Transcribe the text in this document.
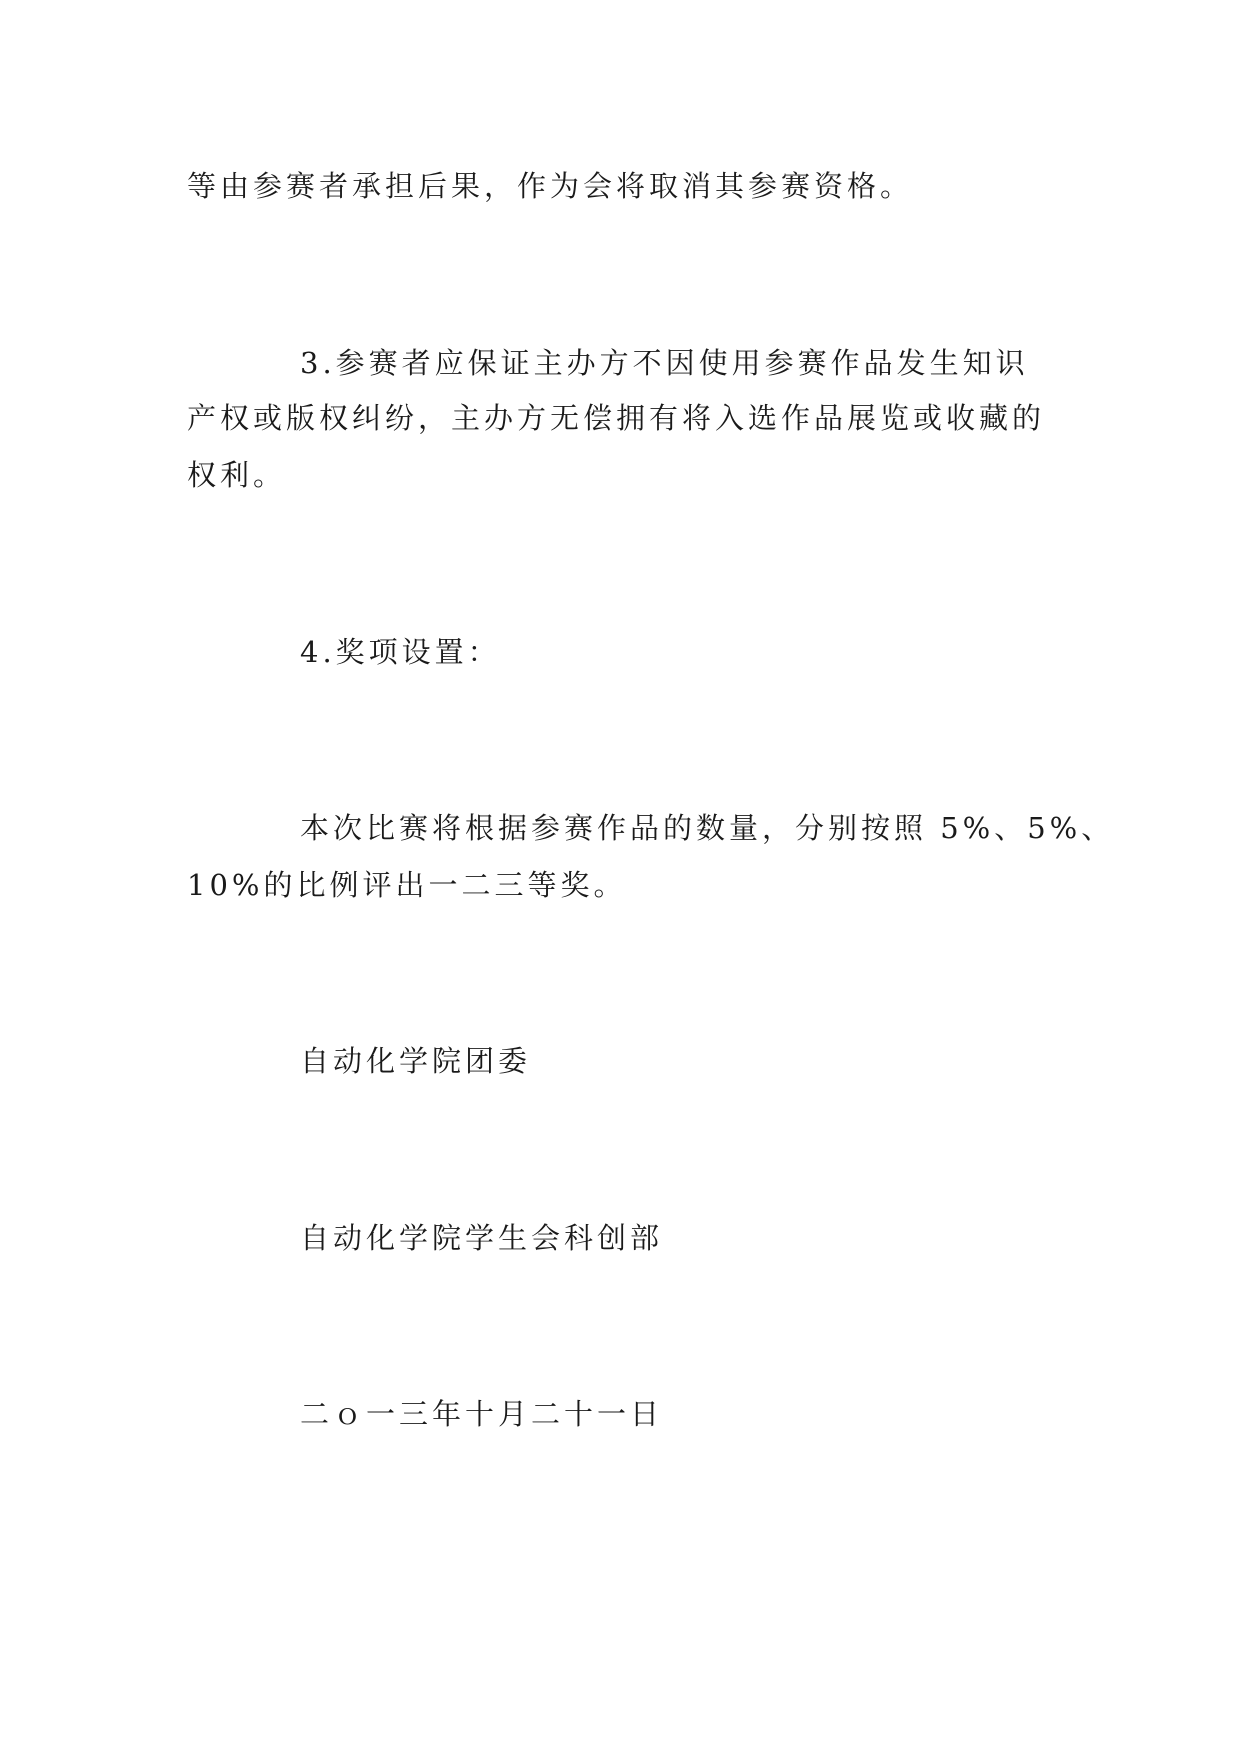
等由参赛者承担后果，作为会将取消其参赛资格。
3.参赛者应保证主办方不因使用参赛作品发生知识
产权或版权纠纷，主办方无偿拥有将入选作品展览或收藏的
权利。
4.奖项设置：
本次比赛将根据参赛作品的数量，分别按照 5%、5%、
10%的比例评出一二三等奖。
自动化学院团委
自动化学院学生会科创部
二ｏ一三年十月二十一日
